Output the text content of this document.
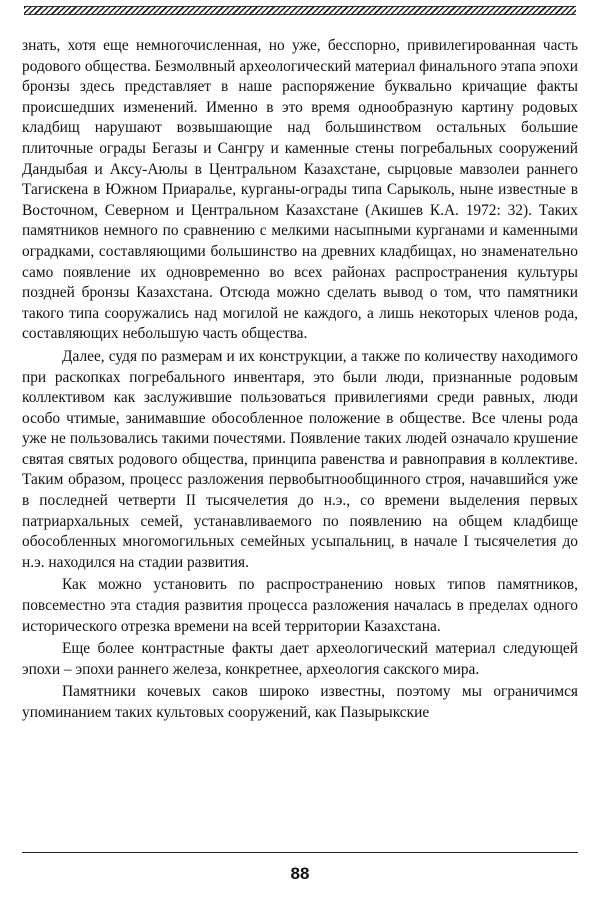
знать, хотя еще немногочисленная, но уже, бесспорно, привилегированная часть родового общества. Безмолвный археологический материал финального этапа эпохи бронзы здесь представляет в наше распоряжение буквально кричащие факты происшедших изменений. Именно в это время однообразную картину родовых кладбищ нарушают возвышающие над большинством остальных большие плиточные ограды Бегазы и Сангру и каменные стены погребальных сооружений Дандыбая и Аксу-Аюлы в Центральном Казахстане, сырцовые мавзолеи раннего Тагискена в Южном Приаралье, курганы-ограды типа Сарыколь, ныне известные в Восточном, Северном и Центральном Казахстане (Акишев К.А. 1972: 32). Таких памятников немного по сравнению с мелкими насыпными курганами и каменными оградками, составляющими большинство на древних кладбищах, но знаменательно само появление их одновременно во всех районах распространения культуры поздней бронзы Казахстана. Отсюда можно сделать вывод о том, что памятники такого типа сооружались над могилой не каждого, а лишь некоторых членов рода, составляющих небольшую часть общества.

Далее, судя по размерам и их конструкции, а также по количеству находимого при раскопках погребального инвентаря, это были люди, признанные родовым коллективом как заслужившие пользоваться привилегиями среди равных, люди особо чтимые, занимавшие обособленное положение в обществе. Все члены рода уже не пользовались такими почестями. Появление таких людей означало крушение святая святых родового общества, принципа равенства и равноправия в коллективе. Таким образом, процесс разложения первобытнообщинного строя, начавшийся уже в последней четверти II тысячелетия до н.э., со времени выделения первых патриархальных семей, устанавливаемого по появлению на общем кладбище обособленных многомогильных семейных усыпальниц, в начале I тысячелетия до н.э. находился на стадии развития.

Как можно установить по распространению новых типов памятников, повсеместно эта стадия развития процесса разложения началась в пределах одного исторического отрезка времени на всей территории Казахстана.

Еще более контрастные факты дает археологический материал следующей эпохи – эпохи раннего железа, конкретнее, археология сакского мира.

Памятники кочевых саков широко известны, поэтому мы ограничимся упоминанием таких культовых сооружений, как Пазырыкские

88
